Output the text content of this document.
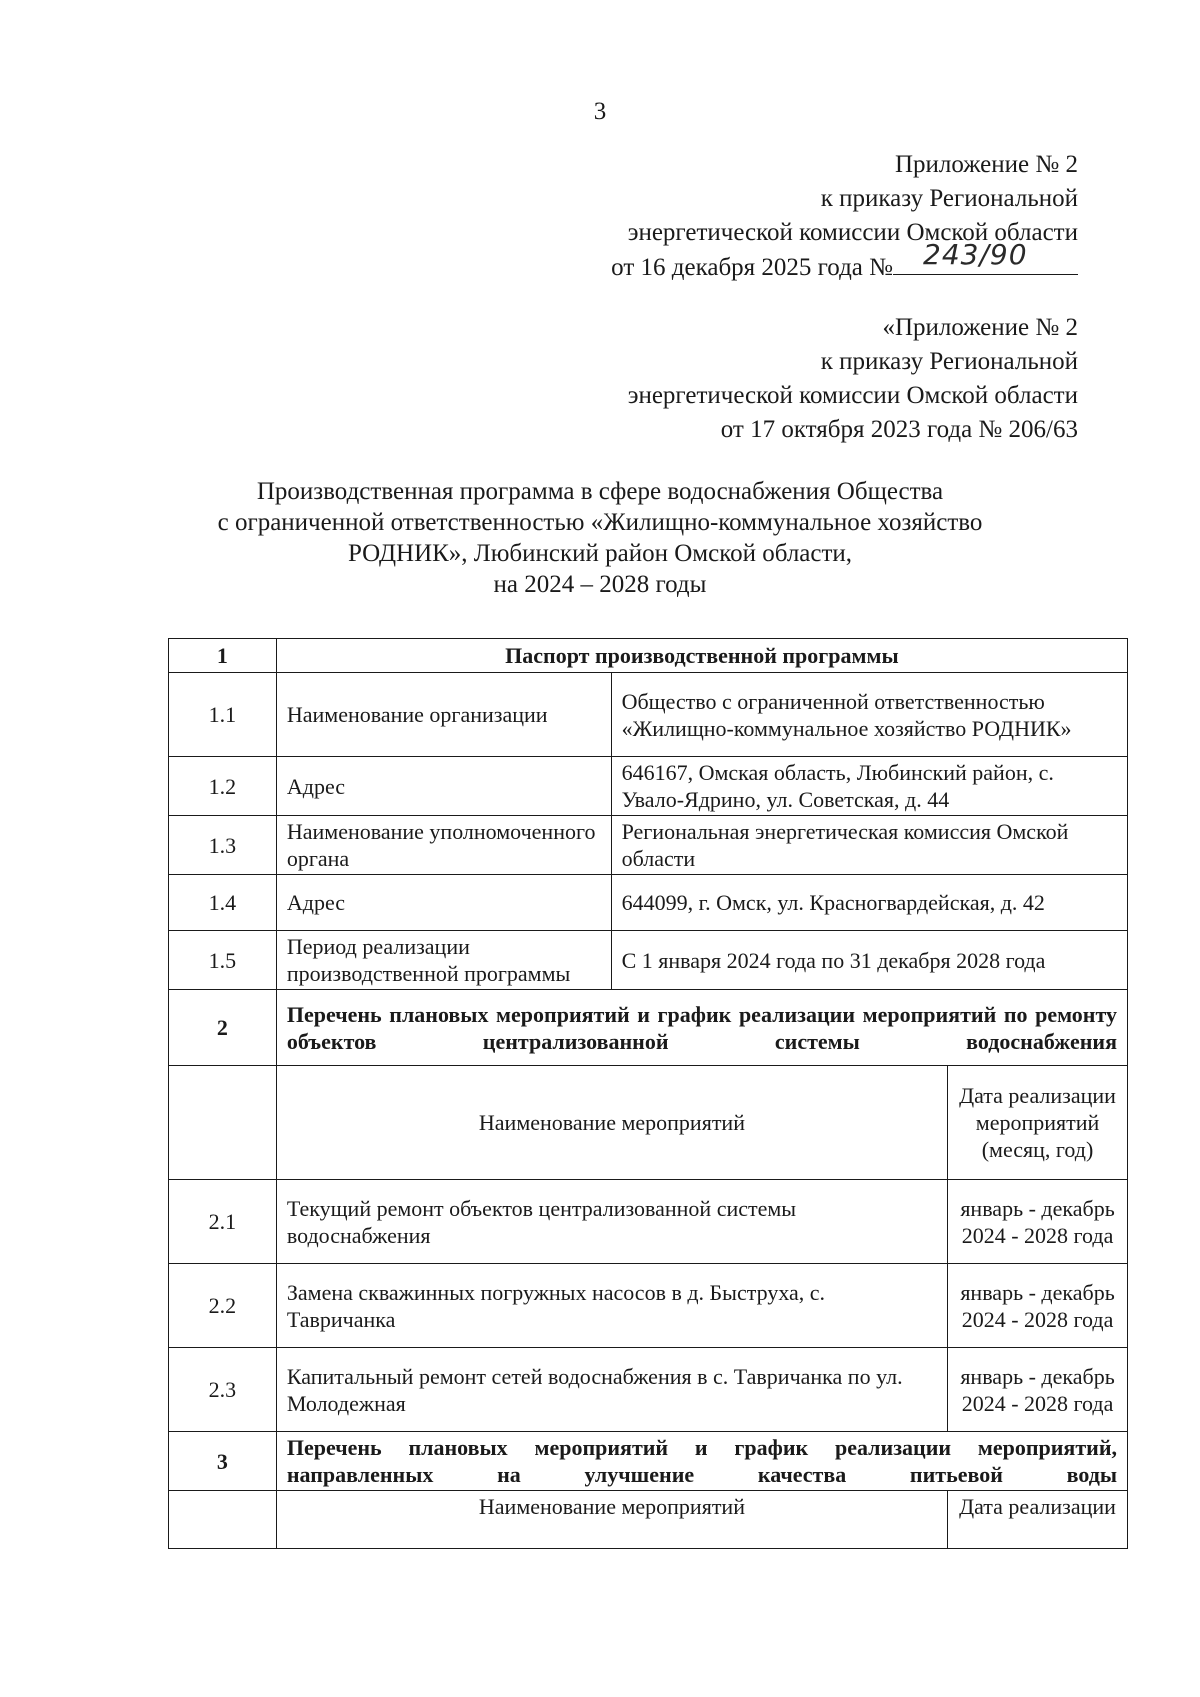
3
Приложение № 2
к приказу Региональной
энергетической комиссии Омской области
от 16 декабря 2025 года № 243/90
«Приложение № 2
к приказу Региональной
энергетической комиссии Омской области
от 17 октября 2023 года № 206/63
Производственная программа в сфере водоснабжения Общества
с ограниченной ответственностью «Жилищно-коммунальное хозяйство
РОДНИК», Любинский район Омской области,
на 2024 – 2028 годы
1	Паспорт производственной программы		
1.1	Наименование организации	Общество с ограниченной ответственностью «Жилищно-коммунальное хозяйство РОДНИК»	
1.2	Адрес	646167, Омская область, Любинский район, с. Увало-Ядрино, ул. Советская, д. 44	
1.3	Наименование уполномоченного органа	Региональная энергетическая комиссия Омской области	
1.4	Адрес	644099, г. Омск, ул. Красногвардейская, д. 42	
1.5	Период реализации производственной программы	С 1 января 2024 года по 31 декабря 2028 года	
2	Перечень плановых мероприятий и график реализации мероприятий по ремонту объектов централизованной системы водоснабжения		
	Наименование мероприятий		Дата реализации мероприятий (месяц, год)
2.1	Текущий ремонт объектов централизованной системы водоснабжения		январь - декабрь 2024 - 2028 года
2.2	Замена скважинных погружных насосов в д. Быструха, с. Тавричанка		январь - декабрь 2024 - 2028 года
2.3	Капитальный ремонт сетей водоснабжения в с. Тавричанка по ул. Молодежная		январь - декабрь 2024 - 2028 года
3	Перечень плановых мероприятий и график реализации мероприятий, направленных на улучшение качества питьевой воды		
	Наименование мероприятий		Дата реализации
